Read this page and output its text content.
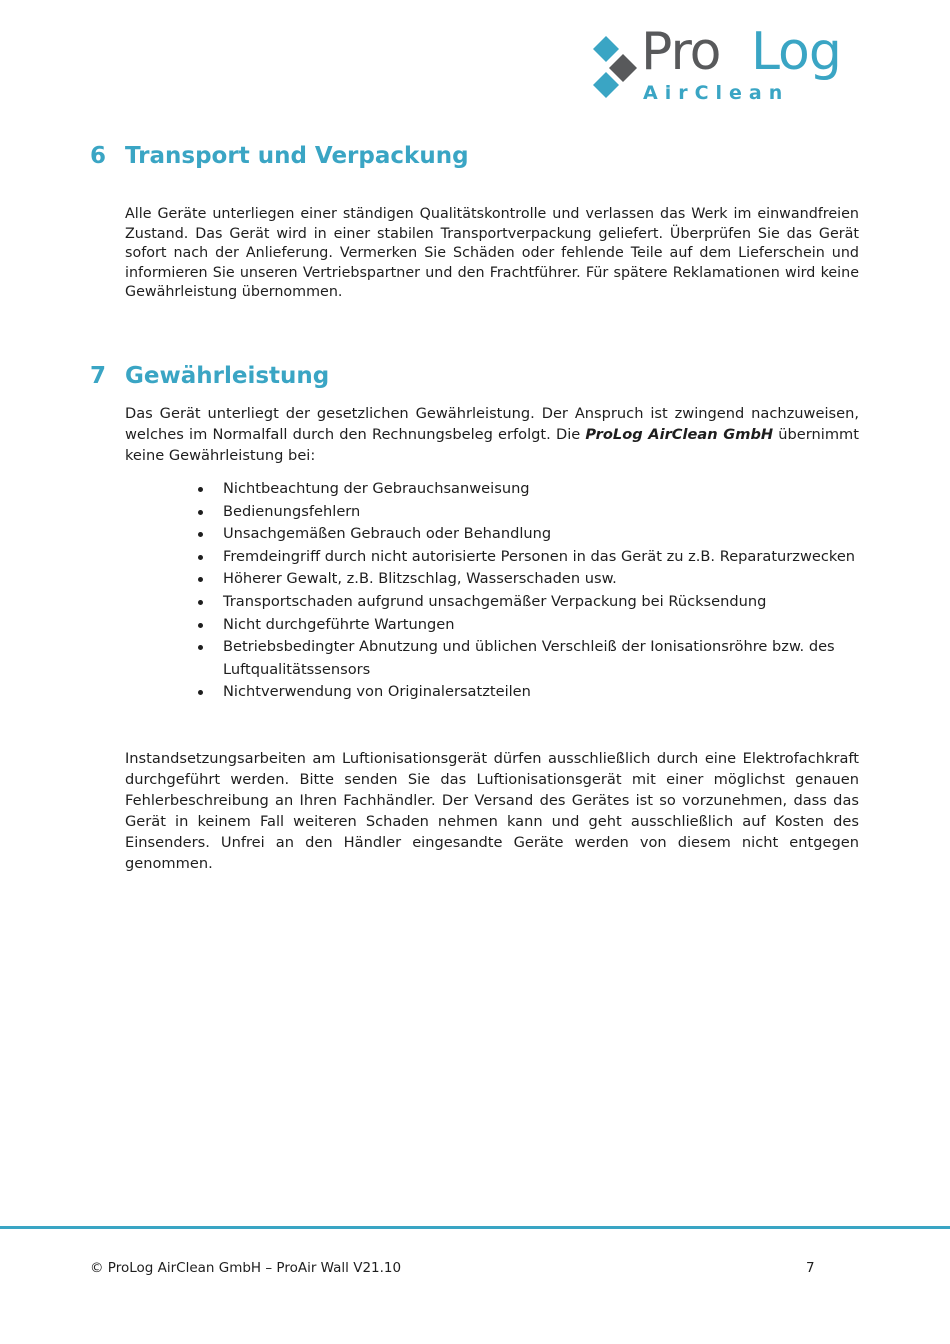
Pro Log
AirClean
6 Transport und Verpackung

Alle Geräte unterliegen einer ständigen Qualitätskontrolle und verlassen das Werk im einwandfreien Zustand. Das Gerät wird in einer stabilen Transportverpackung geliefert. Überprüfen Sie das Gerät sofort nach der Anlieferung. Vermerken Sie Schäden oder fehlende Teile auf dem Lieferschein und informieren Sie unseren Vertriebspartner und den Frachtführer. Für spätere Reklamationen wird keine Gewährleistung übernommen.

7 Gewährleistung

Das Gerät unterliegt der gesetzlichen Gewährleistung. Der Anspruch ist zwingend nachzuweisen, welches im Normalfall durch den Rechnungsbeleg erfolgt. Die ProLog AirClean GmbH übernimmt keine Gewährleistung bei:

Nichtbeachtung der Gebrauchsanweisung
Bedienungsfehlern
Unsachgemäßen Gebrauch oder Behandlung
Fremdeingriff durch nicht autorisierte Personen in das Gerät zu z.B. Reparaturzwecken
Höherer Gewalt, z.B. Blitzschlag, Wasserschaden usw.
Transportschaden aufgrund unsachgemäßer Verpackung bei Rücksendung
Nicht durchgeführte Wartungen
Betriebsbedingter Abnutzung und üblichen Verschleiß der Ionisationsröhre bzw. des Luftqualitätssensors
Nichtverwendung von Originalersatzteilen

Instandsetzungsarbeiten am Luftionisationsgerät dürfen ausschließlich durch eine Elektrofachkraft durchgeführt werden. Bitte senden Sie das Luftionisationsgerät mit einer möglichst genauen Fehlerbeschreibung an Ihren Fachhändler. Der Versand des Gerätes ist so vorzunehmen, dass das Gerät in keinem Fall weiteren Schaden nehmen kann und geht ausschließlich auf Kosten des Einsenders. Unfrei an den Händler eingesandte Geräte werden von diesem nicht entgegen genommen.

© ProLog AirClean GmbH – ProAir Wall V21.10	7
